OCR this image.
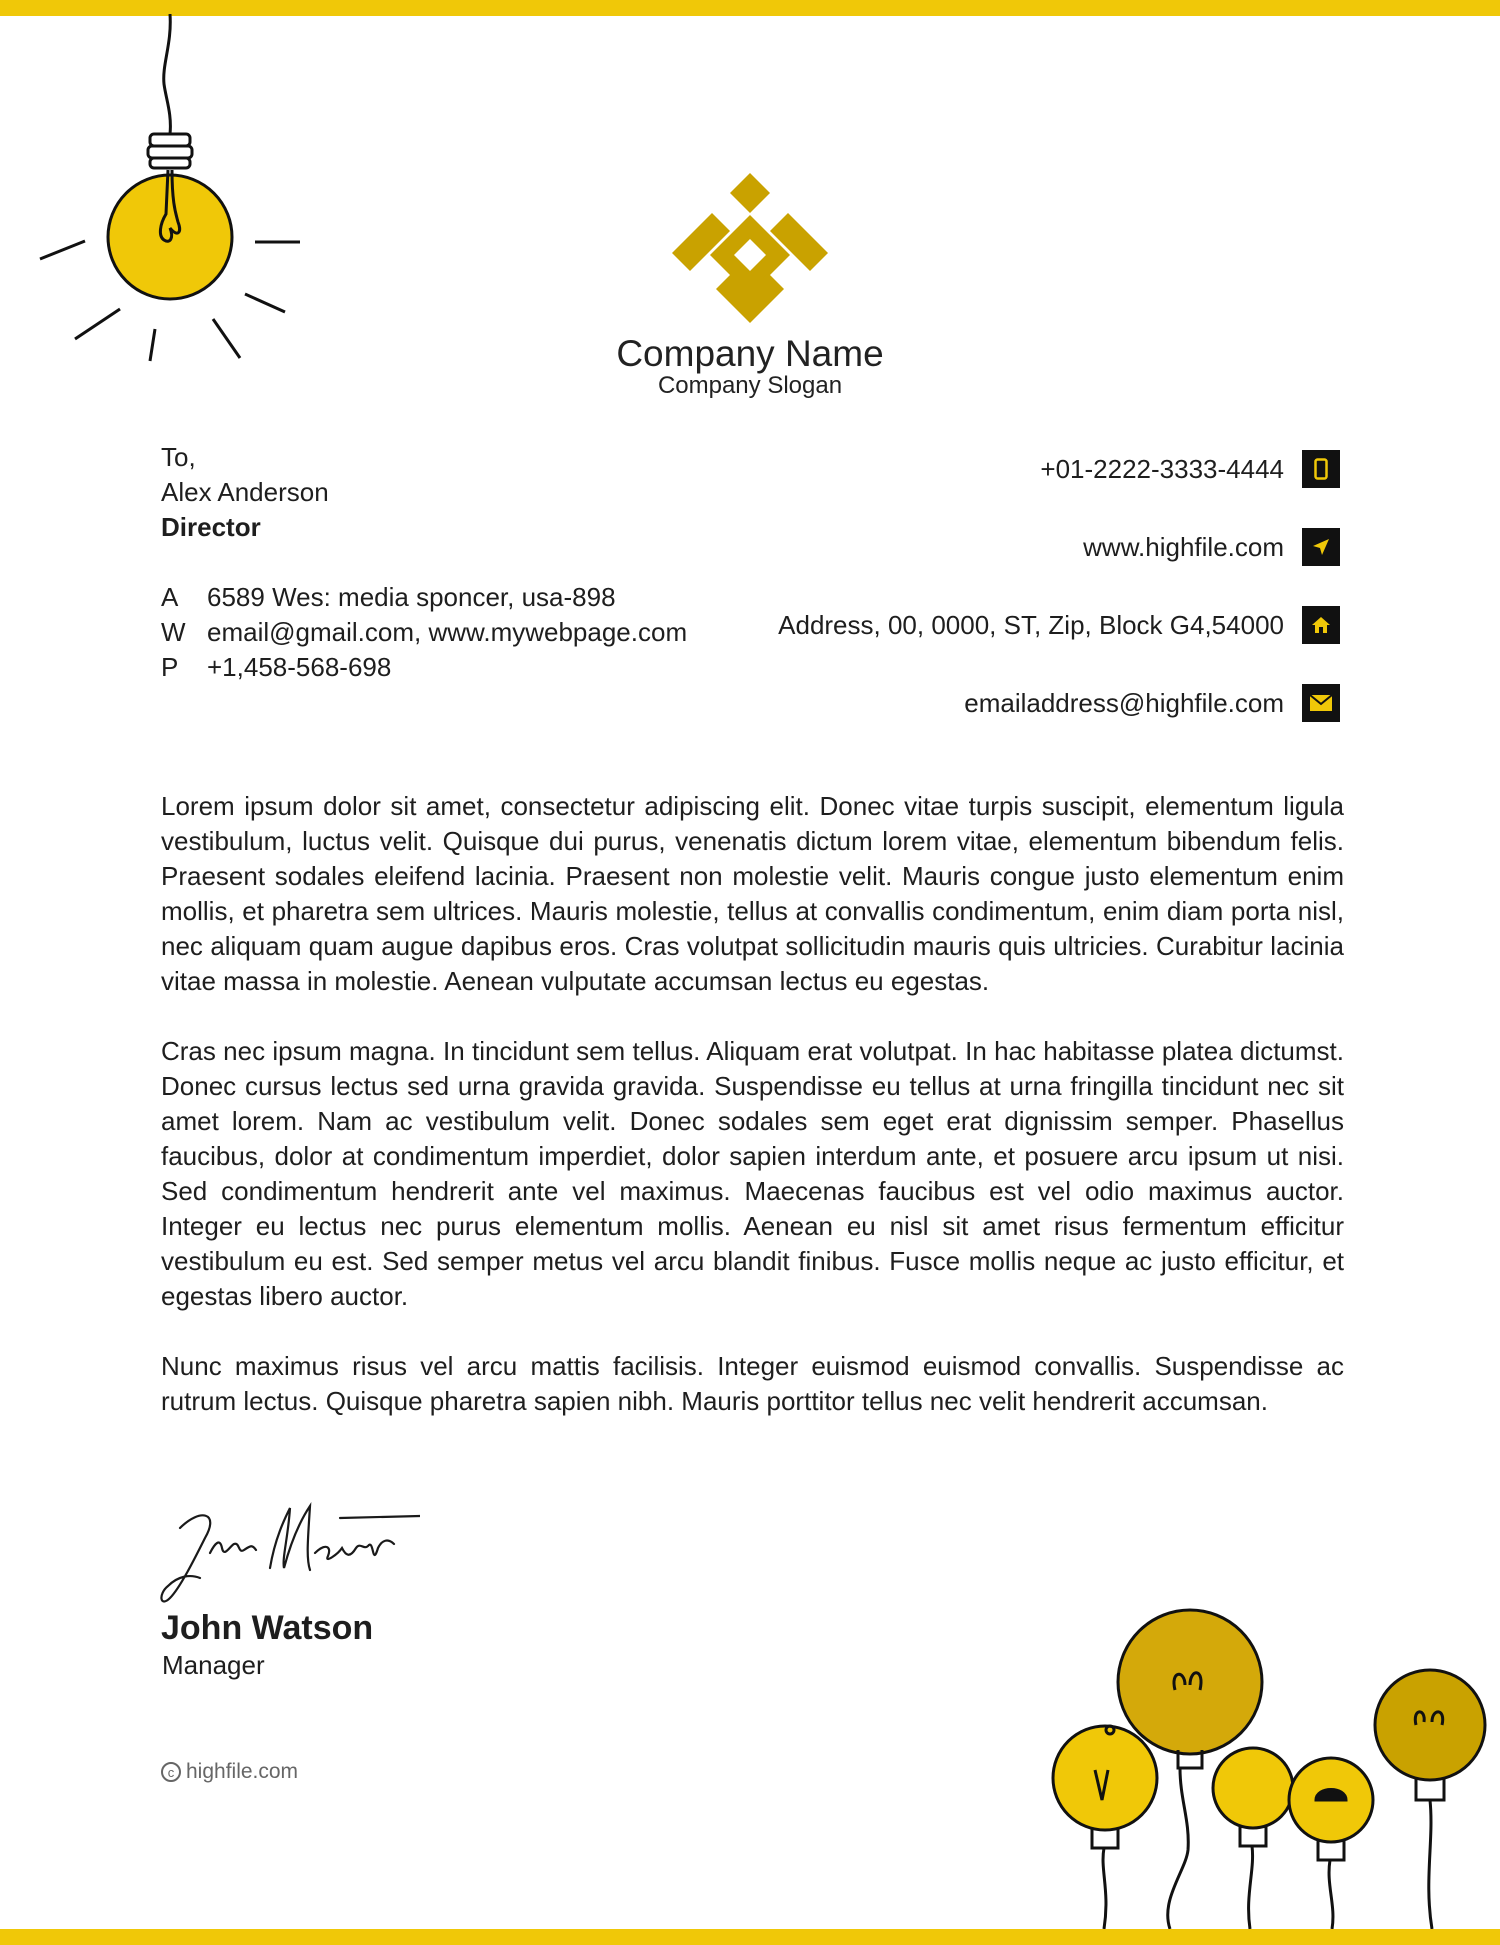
Company Name
Company Slogan
To,
Alex Anderson
Director
A	6589 Wes: media sponcer, usa-898
W email@gmail.com, www.mywebpage.com
P	+1,458-568-698
+01-2222-3333-4444
www.highfile.com
Address, 00, 0000, ST, Zip, Block G4,54000
emailaddress@highfile.com

Lorem ipsum dolor sit amet, consectetur adipiscing elit. Donec vitae turpis suscipit, elementum ligula vestibulum, luctus velit. Quisque dui purus, venenatis dictum lorem vitae, elementum bibendum felis. Praesent sodales eleifend lacinia. Praesent non molestie velit. Mauris congue justo elementum enim mollis, et pharetra sem ultrices. Mauris molestie, tellus at convallis condimentum, enim diam porta nisl, nec aliquam quam augue dapibus eros. Cras volutpat sollicitudin mauris quis ultricies. Curabitur lacinia vitae massa in molestie. Aenean vulputate accumsan lectus eu egestas.

Cras nec ipsum magna. In tincidunt sem tellus. Aliquam erat volutpat. In hac habitasse platea dictumst. Donec cursus lectus sed urna gravida gravida. Suspendisse eu tellus at urna fringilla tincidunt nec sit amet lorem. Nam ac vestibulum velit. Donec sodales sem eget erat dignissim semper. Phasellus faucibus, dolor at condimentum imperdiet, dolor sapien interdum ante, et posuere arcu ipsum ut nisi. Sed condimentum hendrerit ante vel maximus. Maecenas faucibus est vel odio maximus auctor. Integer eu lectus nec purus elementum mollis. Aenean eu nisl sit amet risus fermentum efficitur vestibulum eu est. Sed semper metus vel arcu blandit finibus. Fusce mollis neque ac justo efficitur, et egestas libero auctor.

Nunc maximus risus vel arcu mattis facilisis. Integer euismod euismod convallis. Suspendisse ac rutrum lectus. Quisque pharetra sapien nibh. Mauris porttitor tellus nec velit hendrerit accumsan.

John Watson
Manager
c highfile.com
